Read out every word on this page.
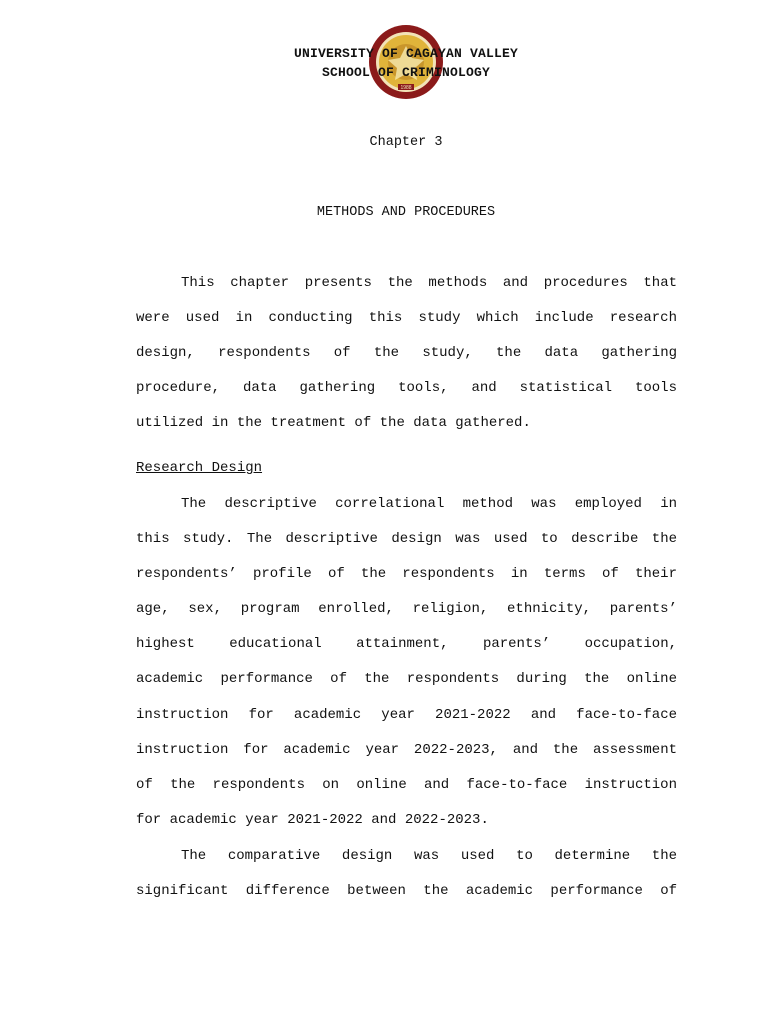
1988
UNIVERSITY OF CAGAYAN VALLEY
SCHOOL OF CRIMINOLOGY
Chapter 3
METHODS AND PROCEDURES
This chapter presents the methods and procedures that
were used in conducting this study which include research
design, respondents of the study, the data gathering
procedure, data gathering tools, and statistical tools
utilized in the treatment of the data gathered.
Research Design
The descriptive correlational method was employed in
this study. The descriptive design was used to describe the
respondents’ profile of the respondents in terms of their
age, sex, program enrolled, religion, ethnicity, parents’
highest educational attainment, parents’ occupation,
academic performance of the respondents during the online
instruction for academic year 2021-2022 and face-to-face
instruction for academic year 2022-2023, and the assessment
of the respondents on online and face-to-face instruction
for academic year 2021-2022 and 2022-2023.
The comparative design was used to determine the
significant difference between the academic performance of
